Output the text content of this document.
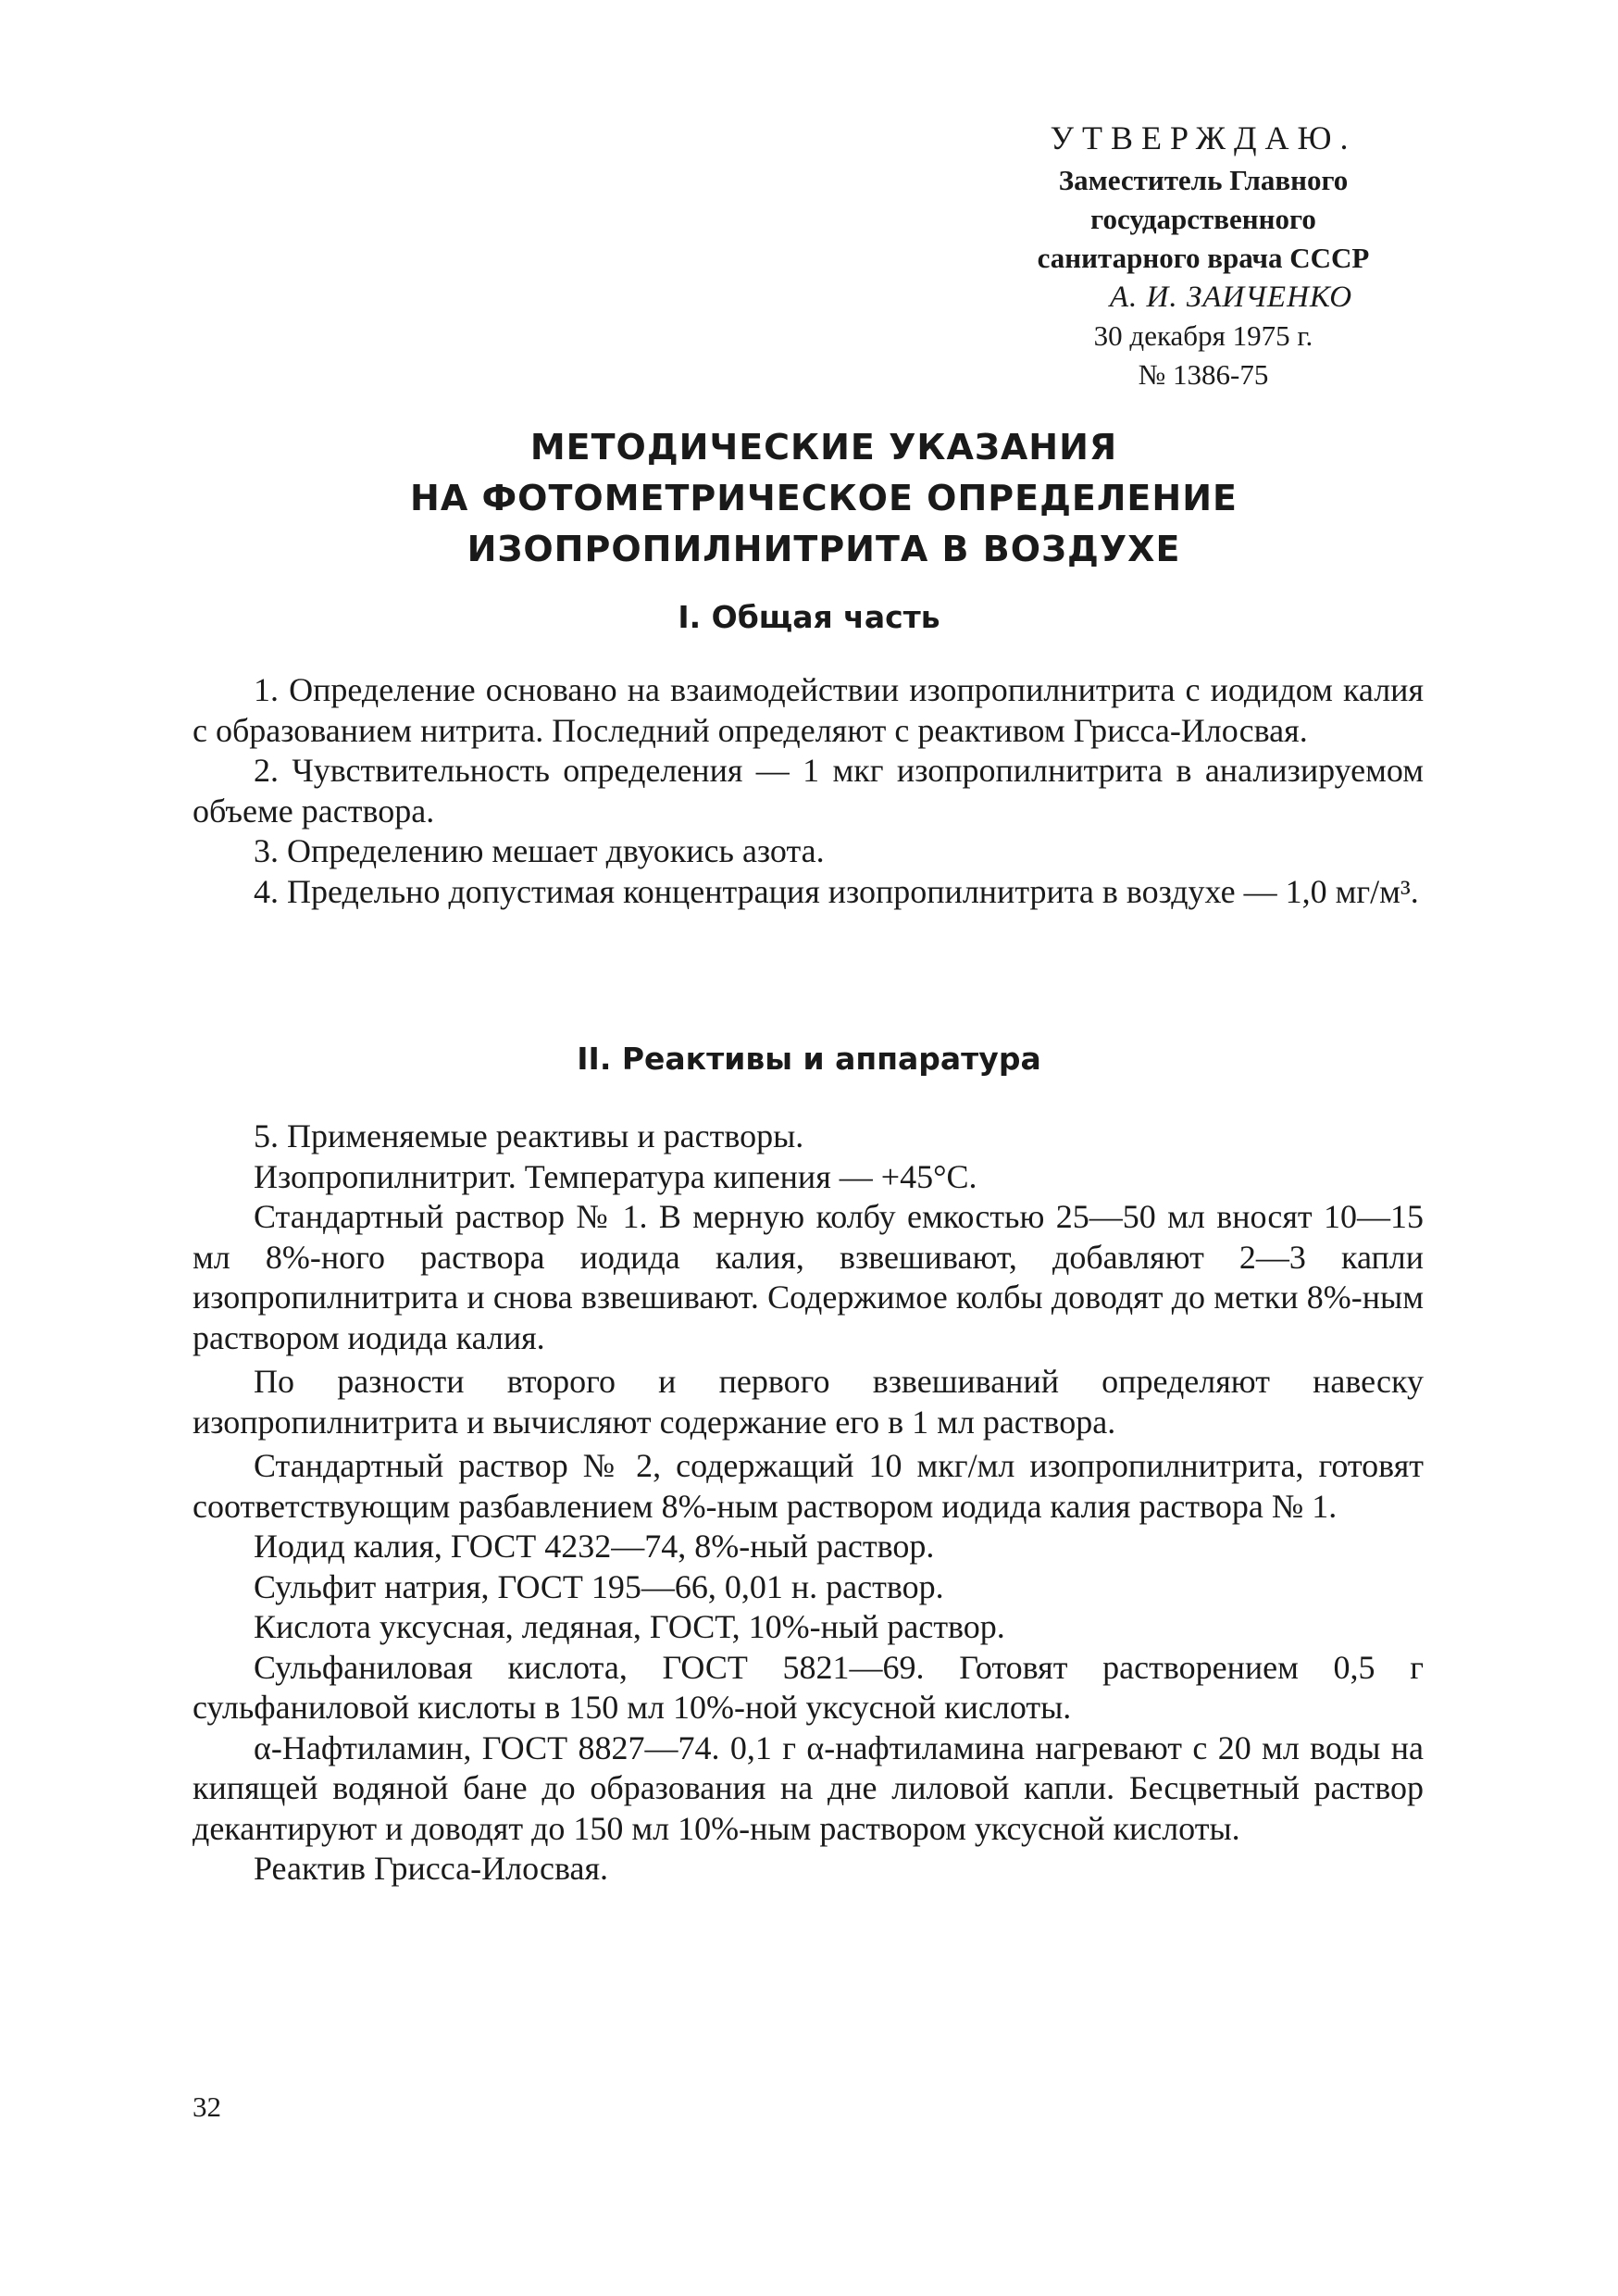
УТВЕРЖДАЮ.
Заместитель Главного
государственного
санитарного врача СССР
А. И. ЗАИЧЕНКО
30 декабря 1975 г.
№ 1386-75
МЕТОДИЧЕСКИЕ УКАЗАНИЯ
НА ФОТОМЕТРИЧЕСКОЕ ОПРЕДЕЛЕНИЕ
ИЗОПРОПИЛНИТРИТА В ВОЗДУХЕ
I. Общая часть

1. Определение основано на взаимодействии изопропилнитрита с иодидом калия с образованием нитрита. Последний определяют с реактивом Грисса-Илосвая.

2. Чувствительность определения — 1 мкг изопропилнитрита в анализируемом объеме раствора.

3. Определению мешает двуокись азота.

4. Предельно допустимая концентрация изопропилнитрита в воздухе — 1,0 мг/м³.

II. Реактивы и аппаратура

5. Применяемые реактивы и растворы.

Изопропилнитрит. Температура кипения — +45°С.

Стандартный раствор № 1. В мерную колбу емкостью 25—50 мл вносят 10—15 мл 8%-ного раствора иодида калия, взвешивают, добавляют 2—3 капли изопропилнитрита и снова взвешивают. Содержимое колбы доводят до метки 8%-ным раствором иодида калия.

По разности второго и первого взвешиваний определяют навеску изопропилнитрита и вычисляют содержание его в 1 мл раствора.

Стандартный раствор № 2, содержащий 10 мкг/мл изопропилнитрита, готовят соответствующим разбавлением 8%-ным раствором иодида калия раствора № 1.

Иодид калия, ГОСТ 4232—74, 8%-ный раствор.

Сульфит натрия, ГОСТ 195—66, 0,01 н. раствор.

Кислота уксусная, ледяная, ГОСТ, 10%-ный раствор.

Сульфаниловая кислота, ГОСТ 5821—69. Готовят растворением 0,5 г сульфаниловой кислоты в 150 мл 10%-ной уксусной кислоты.

α-Нафтиламин, ГОСТ 8827—74. 0,1 г α-нафтиламина нагревают с 20 мл воды на кипящей водяной бане до образования на дне лиловой капли. Бесцветный раствор декантируют и доводят до 150 мл 10%-ным раствором уксусной кислоты.

Реактив Грисса-Илосвая.

32
